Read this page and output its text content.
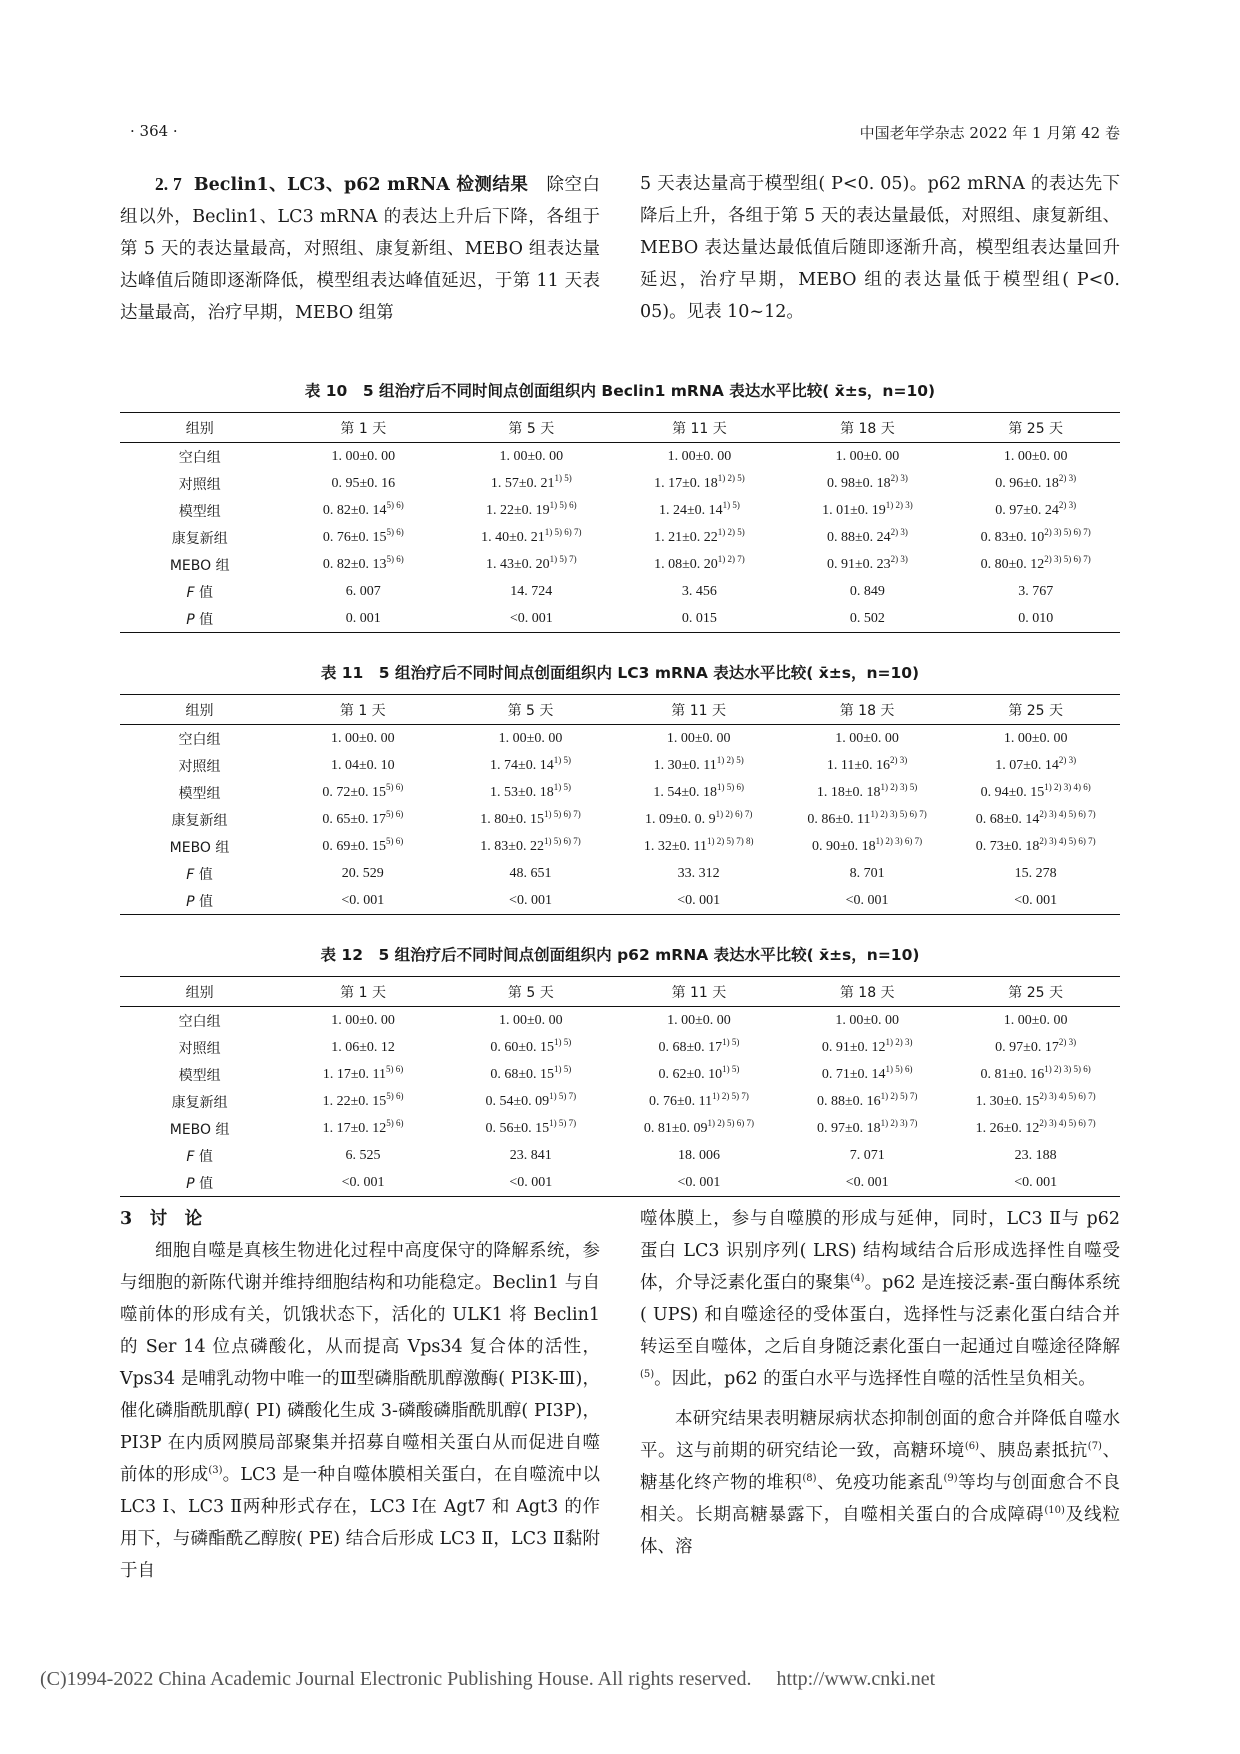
· 364 ·	中国老年学杂志 2022 年 1 月第 42 卷

2. 7 Beclin1、LC3、p62 mRNA 检测结果 除空白组以外，Beclin1、LC3 mRNA 的表达上升后下降，各组于第 5 天的表达量最高，对照组、康复新组、MEBO 组表达量达峰值后随即逐渐降低，模型组表达峰值延迟，于第 11 天表达量最高，治疗早期，MEBO 组第

5 天表达量高于模型组( P<0. 05)。p62 mRNA 的表达先下降后上升，各组于第 5 天的表达量最低，对照组、康复新组、MEBO 表达量达最低值后随即逐渐升高，模型组表达量回升延迟，治疗早期，MEBO 组的表达量低于模型组( P<0. 05)。见表 10~12。

表 10　5 组治疗后不同时间点创面组织内 Beclin1 mRNA 表达水平比较( x̄±s，n=10)
组别	第 1 天	第 5 天	第 11 天	第 18 天	第 25 天
空白组	1. 00±0. 00	1. 00±0. 00	1. 00±0. 00	1. 00±0. 00	1. 00±0. 00
对照组	0. 95±0. 16	1. 57±0. $21^{1) 5)}$	1. 17±0. $18^{1) 2) 5)}$	0. 98±0. $18^{2) 3)}$	0. 96±0. $18^{2) 3)}$
模型组	0. 82±0. $14^{5) 6)}$	1. 22±0. $19^{1) 5) 6)}$	1. 24±0. $14^{1) 5)}$	1. 01±0. $19^{1) 2) 3)}$	0. 97±0. $24^{2) 3)}$
康复新组	0. 76±0. $15^{5) 6)}$	1. 40±0. $21^{1) 5) 6) 7)}$	1. 21±0. $22^{1) 2) 5)}$	0. 88±0. $24^{2) 3)}$	0. 83±0. $10^{2) 3) 5) 6) 7)}$
MEBO 组	0. 82±0. $13^{5) 6)}$	1. 43±0. $20^{1) 5) 7)}$	1. 08±0. $20^{1) 2) 7)}$	0. 91±0. $23^{2) 3)}$	0. 80±0. $12^{2) 3) 5) 6) 7)}$
F 值	6. 007	14. 724	3. 456	0. 849	3. 767
P 值	0. 001	<0. 001	0. 015	0. 502	0. 010
表 11　5 组治疗后不同时间点创面组织内 LC3 mRNA 表达水平比较( x̄±s，n=10)
组别	第 1 天	第 5 天	第 11 天	第 18 天	第 25 天
空白组	1. 00±0. 00	1. 00±0. 00	1. 00±0. 00	1. 00±0. 00	1. 00±0. 00
对照组	1. 04±0. 10	1. 74±0. $14^{1) 5)}$	1. 30±0. $11^{1) 2) 5)}$	1. 11±0. $16^{2) 3)}$	1. 07±0. $14^{2) 3)}$
模型组	0. 72±0. $15^{5) 6)}$	1. 53±0. $18^{1) 5)}$	1. 54±0. $18^{1) 5) 6)}$	1. 18±0. $18^{1) 2) 3) 5)}$	0. 94±0. $15^{1) 2) 3) 4) 6)}$
康复新组	0. 65±0. $17^{5) 6)}$	1. 80±0. $15^{1) 5) 6) 7)}$	1. 09±0. 0. $9^{1) 2) 6) 7)}$	0. 86±0. $11^{1) 2) 3) 5) 6) 7)}$	0. 68±0. $14^{2) 3) 4) 5) 6) 7)}$
MEBO 组	0. 69±0. $15^{5) 6)}$	1. 83±0. $22^{1) 5) 6) 7)}$	1. 32±0. $11^{1) 2) 5) 7) 8)}$	0. 90±0. $18^{1) 2) 3) 6) 7)}$	0. 73±0. $18^{2) 3) 4) 5) 6) 7)}$
F 值	20. 529	48. 651	33. 312	8. 701	15. 278
P 值	<0. 001	<0. 001	<0. 001	<0. 001	<0. 001
表 12　5 组治疗后不同时间点创面组织内 p62 mRNA 表达水平比较( x̄±s，n=10)
组别	第 1 天	第 5 天	第 11 天	第 18 天	第 25 天
空白组	1. 00±0. 00	1. 00±0. 00	1. 00±0. 00	1. 00±0. 00	1. 00±0. 00
对照组	1. 06±0. 12	0. 60±0. $15^{1) 5)}$	0. 68±0. $17^{1) 5)}$	0. 91±0. $12^{1) 2) 3)}$	0. 97±0. $17^{2) 3)}$
模型组	1. 17±0. $11^{5) 6)}$	0. 68±0. $15^{1) 5)}$	0. 62±0. $10^{1) 5)}$	0. 71±0. $14^{1) 5) 6)}$	0. 81±0. $16^{1) 2) 3) 5) 6)}$
康复新组	1. 22±0. $15^{5) 6)}$	0. 54±0. $09^{1) 5) 7)}$	0. 76±0. $11^{1) 2) 5) 7)}$	0. 88±0. $16^{1) 2) 5) 7)}$	1. 30±0. $15^{2) 3) 4) 5) 6) 7)}$
MEBO 组	1. 17±0. $12^{5) 6)}$	0. 56±0. $15^{1) 5) 7)}$	0. 81±0. $09^{1) 2) 5) 6) 7)}$	0. 97±0. $18^{1) 2) 3) 7)}$	1. 26±0. $12^{2) 3) 4) 5) 6) 7)}$
F 值	6. 525	23. 841	18. 006	7. 071	23. 188
P 值	<0. 001	<0. 001	<0. 001	<0. 001	<0. 001

3　讨　论

细胞自噬是真核生物进化过程中高度保守的降解系统，参与细胞的新陈代谢并维持细胞结构和功能稳定。Beclin1 与自噬前体的形成有关，饥饿状态下，活化的 ULK1 将 Beclin1 的 Ser 14 位点磷酸化，从而提高 Vps34 复合体的活性，Vps34 是哺乳动物中唯一的Ⅲ型磷脂酰肌醇激酶( PI3K-Ⅲ)，催化磷脂酰肌醇( PI) 磷酸化生成 3-磷酸磷脂酰肌醇( PI3P)，PI3P 在内质网膜局部聚集并招募自噬相关蛋白从而促进自噬前体的形成$^{(3)}$。LC3 是一种自噬体膜相关蛋白，在自噬流中以 LC3 Ⅰ、LC3 Ⅱ两种形式存在，LC3 Ⅰ在 Agt7 和 Agt3 的作用下，与磷酯酰乙醇胺( PE) 结合后形成 LC3 Ⅱ，LC3 Ⅱ黏附于自

噬体膜上，参与自噬膜的形成与延伸，同时，LC3 Ⅱ与 p62 蛋白 LC3 识别序列( LRS) 结构域结合后形成选择性自噬受体，介导泛素化蛋白的聚集$^{(4)}$。p62 是连接泛素-蛋白酶体系统( UPS) 和自噬途径的受体蛋白，选择性与泛素化蛋白结合并转运至自噬体，之后自身随泛素化蛋白一起通过自噬途径降解$^{(5)}$。因此，p62 的蛋白水平与选择性自噬的活性呈负相关。

本研究结果表明糖尿病状态抑制创面的愈合并降低自噬水平。这与前期的研究结论一致，高糖环境$^{(6)}$、胰岛素抵抗$^{(7)}$、糖基化终产物的堆积$^{(8)}$、免疫功能紊乱$^{(9)}$等均与创面愈合不良相关。长期高糖暴露下，自噬相关蛋白的合成障碍$^{(10)}$及线粒体、溶

(C)1994-2022 China Academic Journal Electronic Publishing House. All rights reserved. http://www.cnki.net
